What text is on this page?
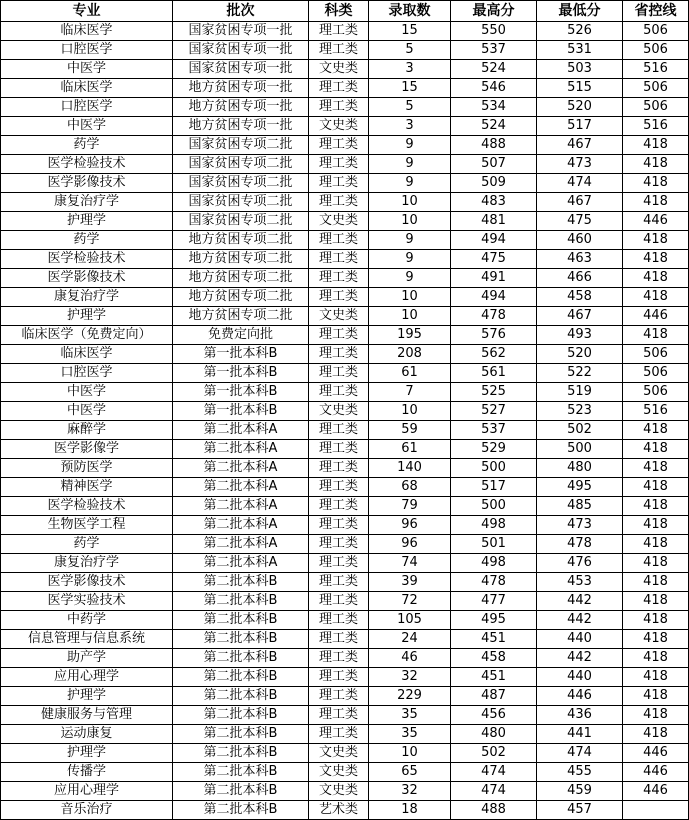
专业	批次	科类	录取数	最高分	最低分	省控线
临床医学	国家贫困专项一批	理工类	15	550	526	506
口腔医学	国家贫困专项一批	理工类	5	537	531	506
中医学	国家贫困专项一批	文史类	3	524	503	516
临床医学	地方贫困专项一批	理工类	15	546	515	506
口腔医学	地方贫困专项一批	理工类	5	534	520	506
中医学	地方贫困专项一批	文史类	3	524	517	516
药学	国家贫困专项二批	理工类	9	488	467	418
医学检验技术	国家贫困专项二批	理工类	9	507	473	418
医学影像技术	国家贫困专项二批	理工类	9	509	474	418
康复治疗学	国家贫困专项二批	理工类	10	483	467	418
护理学	国家贫困专项二批	文史类	10	481	475	446
药学	地方贫困专项二批	理工类	9	494	460	418
医学检验技术	地方贫困专项二批	理工类	9	475	463	418
医学影像技术	地方贫困专项二批	理工类	9	491	466	418
康复治疗学	地方贫困专项二批	理工类	10	494	458	418
护理学	地方贫困专项二批	文史类	10	478	467	446
临床医学（免费定向）	免费定向批	理工类	195	576	493	418
临床医学	第一批本科B	理工类	208	562	520	506
口腔医学	第一批本科B	理工类	61	561	522	506
中医学	第一批本科B	理工类	7	525	519	506
中医学	第一批本科B	文史类	10	527	523	516
麻醉学	第二批本科A	理工类	59	537	502	418
医学影像学	第二批本科A	理工类	61	529	500	418
预防医学	第二批本科A	理工类	140	500	480	418
精神医学	第二批本科A	理工类	68	517	495	418
医学检验技术	第二批本科A	理工类	79	500	485	418
生物医学工程	第二批本科A	理工类	96	498	473	418
药学	第二批本科A	理工类	96	501	478	418
康复治疗学	第二批本科A	理工类	74	498	476	418
医学影像技术	第二批本科B	理工类	39	478	453	418
医学实验技术	第二批本科B	理工类	72	477	442	418
中药学	第二批本科B	理工类	105	495	442	418
信息管理与信息系统	第二批本科B	理工类	24	451	440	418
助产学	第二批本科B	理工类	46	458	442	418
应用心理学	第二批本科B	理工类	32	451	440	418
护理学	第二批本科B	理工类	229	487	446	418
健康服务与管理	第二批本科B	理工类	35	456	436	418
运动康复	第二批本科B	理工类	35	480	441	418
护理学	第二批本科B	文史类	10	502	474	446
传播学	第二批本科B	文史类	65	474	455	446
应用心理学	第二批本科B	文史类	32	474	459	446
音乐治疗	第二批本科B	艺术类	18	488	457	
